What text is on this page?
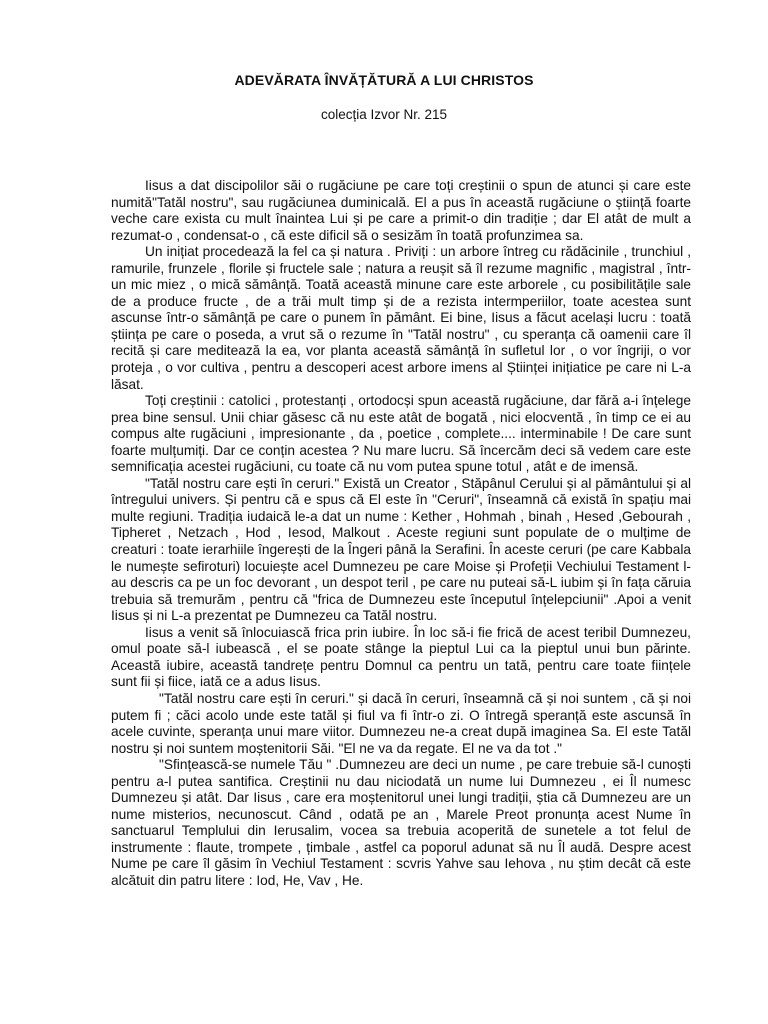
ADEVĂRATA ÎNVĂȚĂTURĂ A LUI CHRISTOS
colecția Izvor Nr. 215

Iisus a dat discipolilor săi o rugăciune pe care toți creștinii o spun de atunci și care este numită"Tatăl nostru", sau rugăciunea duminicală. El a pus în această rugăciune o știință foarte veche care exista cu mult înaintea Lui și pe care a primit-o din tradiție ; dar El atât de mult a rezumat-o , condensat-o , că este dificil să o sesizăm în toată profunzimea sa.

Un inițiat procedează la fel ca și natura . Priviți : un arbore întreg cu rădăcinile , trunchiul , ramurile, frunzele , florile și fructele sale ; natura a reușit să îl rezume magnific , magistral , într-un mic miez , o mică sămânță. Toată această minune care este arborele , cu posibilitățile sale de a produce fructe , de a trăi mult timp și de a rezista intermperiilor, toate acestea sunt ascunse într-o sămânță pe care o punem în pământ. Ei bine, Iisus a făcut același lucru : toată știința pe care o poseda, a vrut să o rezume în "Tatăl nostru" , cu speranța că oamenii care îl recită și care meditează la ea, vor planta această sămânță în sufletul lor , o vor îngriji, o vor proteja , o vor cultiva , pentru a descoperi acest arbore imens al Științei inițiatice pe care ni L-a lăsat.

Toți creștinii : catolici , protestanți , ortodocși spun această rugăciune, dar fără a-i înțelege prea bine sensul. Unii chiar găsesc că nu este atât de bogată , nici elocventă , în timp ce ei au compus alte rugăciuni , impresionante , da , poetice , complete.... interminabile ! De care sunt foarte mulțumiți. Dar ce conțin acestea ? Nu mare lucru. Să încercăm deci să vedem care este semnificația acestei rugăciuni, cu toate că nu vom putea spune totul , atât e de imensă.

"Tatăl nostru care ești în ceruri." Există un Creator , Stăpânul Cerului și al pământului și al întregului univers. Și pentru că e spus că El este în "Ceruri", înseamnă că există în spațiu mai multe regiuni. Tradiția iudaică le-a dat un nume : Kether , Hohmah , binah , Hesed ,Gebourah , Tipheret , Netzach , Hod , Iesod, Malkout . Aceste regiuni sunt populate de o mulțime de creaturi : toate ierarhiile îngerești de la Îngeri până la Serafini. În aceste ceruri (pe care Kabbala le numește sefiroturi) locuiește acel Dumnezeu pe care Moise și Profeții Vechiului Testament l-au descris ca pe un foc devorant , un despot teril , pe care nu puteai să-L iubim și în fața căruia trebuia să tremurăm , pentru că "frica de Dumnezeu este începutul înțelepciunii" .Apoi a venit Iisus și ni L-a prezentat pe Dumnezeu ca Tatăl nostru.

Iisus a venit să înlocuiască frica prin iubire. În loc să-i fie frică de acest teribil Dumnezeu, omul poate să-l iubească , el se poate stânge la pieptul Lui ca la pieptul unui bun părinte. Această iubire, această tandrețe pentru Domnul ca pentru un tată, pentru care toate ființele sunt fii și fiice, iată ce a adus Iisus.

"Tatăl nostru care ești în ceruri." și dacă în ceruri, înseamnă că și noi suntem , că și noi putem fi ; căci acolo unde este tatăl și fiul va fi într-o zi. O întregă speranță este ascunsă în acele cuvinte, speranța unui mare viitor. Dumnezeu ne-a creat după imaginea Sa. El este Tatăl nostru și noi suntem moștenitorii Săi. "El ne va da regate. El ne va da tot ."

"Sfințească-se numele Tău " .Dumnezeu are deci un nume , pe care trebuie să-l cunoști pentru a-l putea santifica. Creștinii nu dau niciodată un nume lui Dumnezeu , ei Îl numesc Dumnezeu și atât. Dar Iisus , care era moștenitorul unei lungi tradiții, știa că Dumnezeu are un nume misterios, necunoscut. Când , odată pe an , Marele Preot pronunța acest Nume în sanctuarul Templului din Ierusalim, vocea sa trebuia acoperită de sunetele a tot felul de instrumente : flaute, trompete , țimbale , astfel ca poporul adunat să nu Îl audă. Despre acest Nume pe care îl găsim în Vechiul Testament : scvris Yahve sau Iehova , nu știm decât că este alcătuit din patru litere : Iod, He, Vav , He.
